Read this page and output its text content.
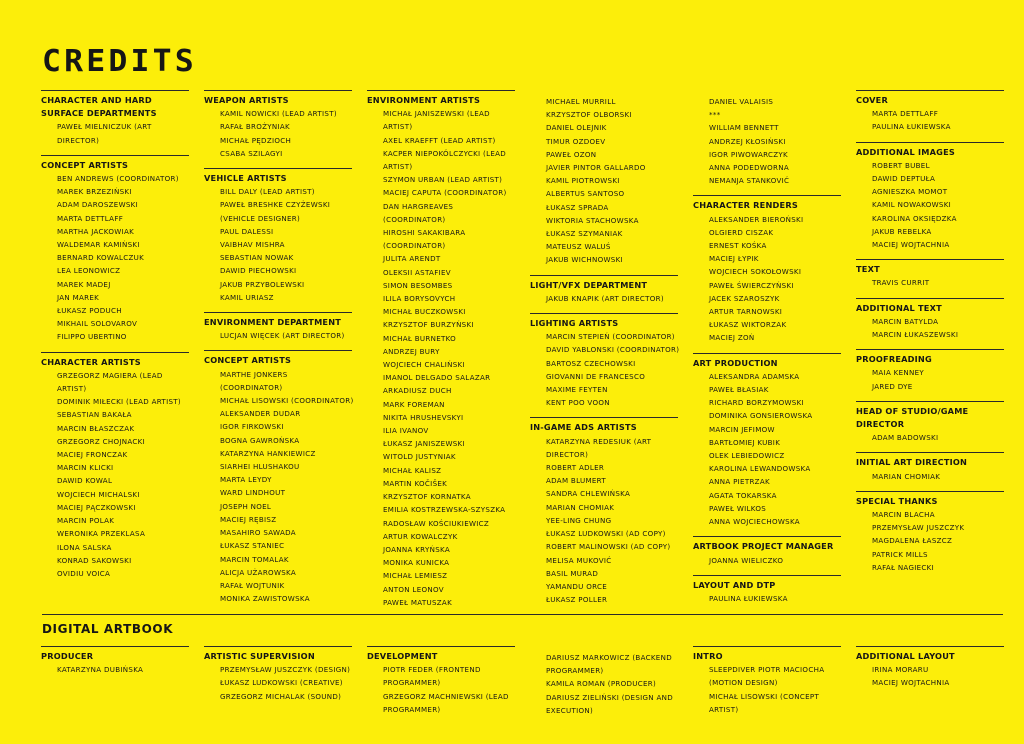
CREDITS
CHARACTER AND HARD SURFACE DEPARTMENTS
PAWEŁ MIELNICZUK (ART
DIRECTOR)
CONCEPT ARTISTS
BEN ANDREWS (COORDINATOR)
MAREK BRZEZIŃSKI
ADAM DAROSZEWSKI
MARTA DETTLAFF
MARTHA JACKOWIAK
WALDEMAR KAMIŃSKI
BERNARD KOWALCZUK
LEA LEONOWICZ
MAREK MADEJ
JAN MAREK
ŁUKASZ PODUCH
MIKHAIL SOLOVAROV
FILIPPO UBERTINO
CHARACTER ARTISTS
GRZEGORZ MAGIERA (LEAD
ARTIST)
DOMINIK MIŁECKI (LEAD ARTIST)
SEBASTIAN BAKAŁA
MARCIN BŁASZCZAK
GRZEGORZ CHOJNACKI
MACIEJ FRONCZAK
MARCIN KLICKI
DAWID KOWAL
WOJCIECH MICHALSKI
MACIEJ PĄCZKOWSKI
MARCIN POLAK
WERONIKA PRZEKLASA
ILONA SALSKA
KONRAD SAKOWSKI
OVIDIU VOICA
WEAPON ARTISTS
KAMIL NOWICKI (LEAD ARTIST)
RAFAŁ BROŻYNIAK
MICHAŁ PĘDZIOCH
CSABA SZILAGYI
VEHICLE ARTISTS
BILL DALY (LEAD ARTIST)
PAWEŁ BRESHKE CZYŻEWSKI
(VEHICLE DESIGNER)
PAUL DALESSI
VAIBHAV MISHRA
SEBASTIAN NOWAK
DAWID PIECHOWSKI
JAKUB PRZYBOLEWSKI
KAMIL URIASZ
ENVIRONMENT DEPARTMENT
LUCJAN WIĘCEK (ART DIRECTOR)
CONCEPT ARTISTS
MARTHE JONKERS
(COORDINATOR)
MICHAŁ LISOWSKI (COORDINATOR)
ALEKSANDER DUDAR
IGOR FIRKOWSKI
BOGNA GAWROŃSKA
KATARZYNA HANKIEWICZ
SIARHEI HLUSHAKOU
MARTA LEYDY
WARD LINDHOUT
JOSEPH NOEL
MACIEJ RĘBISZ
MASAHIRO SAWADA
ŁUKASZ STANIEC
MARCIN TOMALAK
ALICJA UŻAROWSKA
RAFAŁ WOJTUNIK
MONIKA ZAWISTOWSKA
ENVIRONMENT ARTISTS
MICHAŁ JANISZEWSKI (LEAD
ARTIST)
AXEL KRAEFFT (LEAD ARTIST)
KACPER NIEPOKÓLCZYCKI (LEAD
ARTIST)
SZYMON URBAN (LEAD ARTIST)
MACIEJ CAPUTA (COORDINATOR)
DAN HARGREAVES
(COORDINATOR)
HIROSHI SAKAKIBARA
(COORDINATOR)
JULITA ARENDT
OLEKSII ASTAFIEV
SIMON BESOMBES
ILILA BORYSOVYCH
MICHAŁ BUCZKOWSKI
KRZYSZTOF BURZYŃSKI
MICHAŁ BURNETKO
ANDRZEJ BURY
WOJCIECH CHALIŃSKI
IMANOL DELGADO SALAZAR
ARKADIUSZ DUCH
MARK FOREMAN
NIKITA HRUSHEVSKYI
ILIA IVANOV
ŁUKASZ JANISZEWSKI
WITOLD JUSTYNIAK
MICHAŁ KALISZ
MARTIN KOČIŠEK
KRZYSZTOF KORNATKA
EMILIA KOSTRZEWSKA-SZYSZKA
RADOSŁAW KOŚCIUKIEWICZ
ARTUR KOWALCZYK
JOANNA KRYŃSKA
MONIKA KUNICKA
MICHAŁ LEMIESZ
ANTON LEONOV
PAWEŁ MATUSZAK
MICHAEL MURRILL
KRZYSZTOF OLBORSKI
DANIEL OLEJNIK
TIMUR OZDOEV
PAWEŁ OZON
JAVIER PINTOR GALLARDO
KAMIL PIOTROWSKI
ALBERTUS SANTOSO
ŁUKASZ SPRADA
WIKTORIA STACHOWSKA
ŁUKASZ SZYMANIAK
MATEUSZ WALUŚ
JAKUB WICHNOWSKI
LIGHT/VFX DEPARTMENT
JAKUB KNAPIK (ART DIRECTOR)
LIGHTING ARTISTS
MARCIN STEPIEŃ (COORDINATOR)
DAVID YABLONSKI (COORDINATOR)
BARTOSZ CZECHOWSKI
GIOVANNI DE FRANCESCO
MAXIME FEYTEN
KENT POO VOON
IN-GAME ADS ARTISTS
KATARZYNA REDESIUK (ART
DIRECTOR)
ROBERT ADLER
ADAM BLUMERT
SANDRA CHLEWIŃSKA
MARIAN CHOMIAK
YEE-LING CHUNG
ŁUKASZ LUDKOWSKI (AD COPY)
ROBERT MALINOWSKI (AD COPY)
MELISA MUKOVIĆ
BASIL MURAD
YAMANDU ORCE
ŁUKASZ POLLER
DANIEL VALAISIS
***
WILLIAM BENNETT
ANDRZEJ KŁOSIŃSKI
IGOR PIWOWARCZYK
ANNA PODEDWORNA
NEMANJA STANKOVIĆ
CHARACTER RENDERS
ALEKSANDER BIEROŃSKI
OLGIERD CISZAK
ERNEST KOŚKA
MACIEJ ŁYPIK
WOJCIECH SOKOŁOWSKI
PAWEŁ ŚWIERCZYŃSKI
JACEK SZAROSZYK
ARTUR TARNOWSKI
ŁUKASZ WIKTORZAK
MACIEJ ZOŃ
ART PRODUCTION
ALEKSANDRA ADAMSKA
PAWEŁ BŁASIAK
RICHARD BORZYMOWSKI
DOMINIKA GONSIEROWSKA
MARCIN JEFIMOW
BARTŁOMIEJ KUBIK
OLEK LEBIEDOWICZ
KAROLINA LEWANDOWSKA
ANNA PIETRZAK
AGATA TOKARSKA
PAWEŁ WILKOS
ANNA WOJCIECHOWSKA
ARTBOOK PROJECT MANAGER
JOANNA WIELICZKO
LAYOUT AND DTP
PAULINA ŁUKIEWSKA
COVER
MARTA DETTLAFF
PAULINA ŁUKIEWSKA
ADDITIONAL IMAGES
ROBERT BUBEL
DAWID DEPTUŁA
AGNIESZKA MOMOT
KAMIL NOWAKOWSKI
KAROLINA OKSIĘDZKA
JAKUB REBELKA
MACIEJ WOJTACHNIA
TEXT
TRAVIS CURRIT
ADDITIONAL TEXT
MARCIN BATYLDA
MARCIN ŁUKASZEWSKI
PROOFREADING
MAIA KENNEY
JARED DYE
HEAD OF STUDIO/GAME DIRECTOR
ADAM BADOWSKI
INITIAL ART DIRECTION
MARIAN CHOMIAK
SPECIAL THANKS
MARCIN BLACHA
PRZEMYSŁAW JUSZCZYK
MAGDALENA ŁASZCZ
PATRICK MILLS
RAFAŁ NAGIECKI
DIGITAL ARTBOOK
PRODUCER
KATARZYNA DUBIŃSKA
ARTISTIC SUPERVISION
PRZEMYSŁAW JUSZCZYK (DESIGN)
ŁUKASZ LUDKOWSKI (CREATIVE)
GRZEGORZ MICHALAK (SOUND)
DEVELOPMENT
PIOTR FEDER (FRONTEND
PROGRAMMER)
GRZEGORZ MACHNIEWSKI (LEAD
PROGRAMMER)
DARIUSZ MARKOWICZ (BACKEND
PROGRAMMER)
KAMILA ROMAN (PRODUCER)
DARIUSZ ZIELIŃSKI (DESIGN AND
EXECUTION)
INTRO
SLEEPDIVER PIOTR MACIOCHA
(MOTION DESIGN)
MICHAŁ LISOWSKI (CONCEPT
ARTIST)
ADDITIONAL LAYOUT
IRINA MORARU
MACIEJ WOJTACHNIA
